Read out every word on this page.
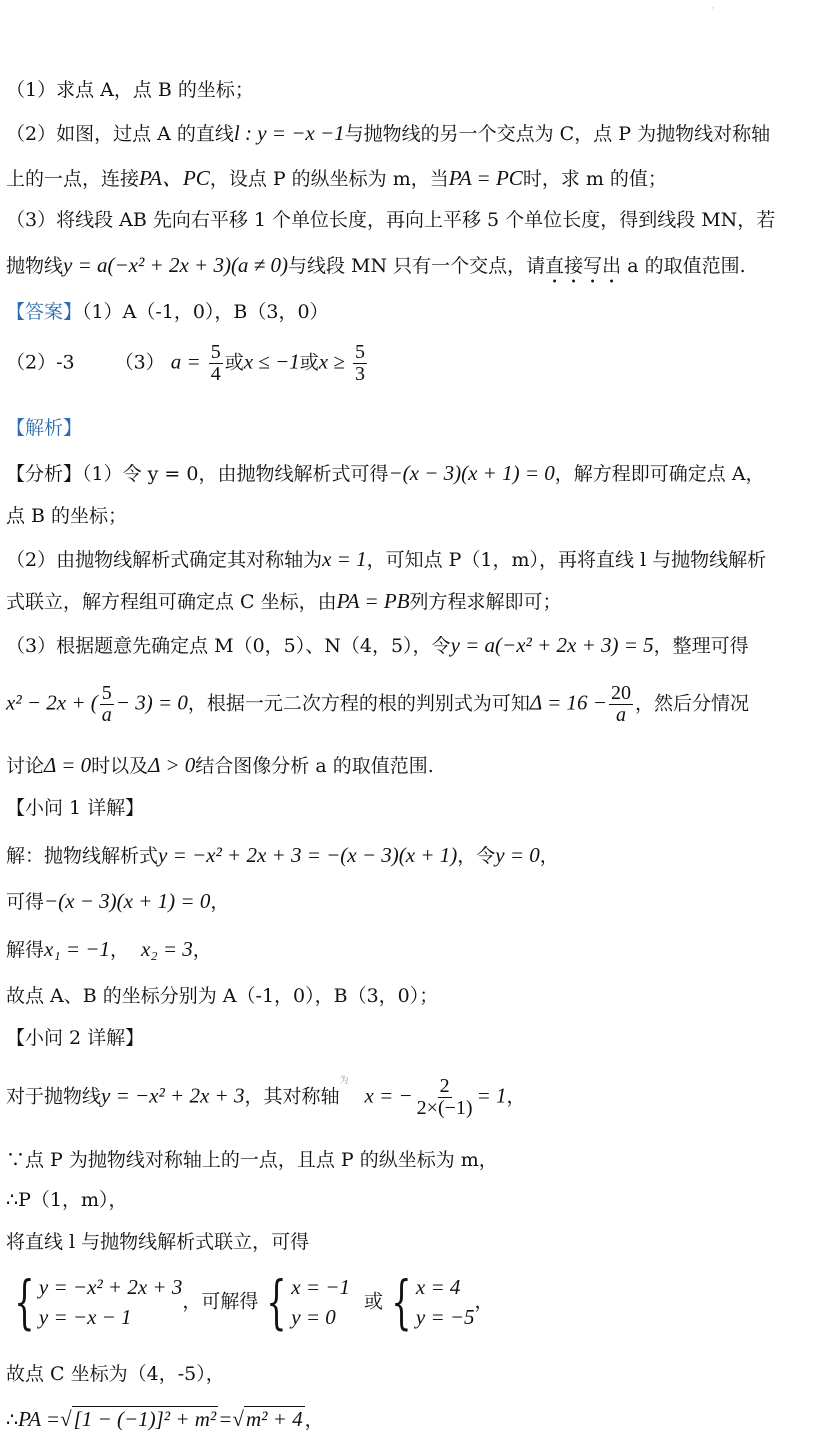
·
（1）求点 A，点 B 的坐标；
（2）如图，过点 A 的直线l : y = −x −1与抛物线的另一个交点为 C，点 P 为抛物线对称轴
上的一点，连接PA、PC，设点 P 的纵坐标为 m，当PA = PC时，求 m 的值；
（3）将线段 AB 先向右平移 1 个单位长度，再向上平移 5 个单位长度，得到线段 MN，若
抛物线y = a(−x² + 2x + 3)(a ≠ 0)与线段 MN 只有一个交点，请直接写出 a 的取值范围.
【答案】（1）A（-1，0），B（3，0）
（2）-3 （3） $a = \frac{5}{4}$ 或x ≤ −1或$x \ge \frac{5}{3}$
【解析】
【分析】（1）令 y = 0，由抛物线解析式可得−(x − 3)(x + 1) = 0，解方程即可确定点 A，
点 B 的坐标；
（2）由抛物线解析式确定其对称轴为x = 1，可知点 P（1，m），再将直线 l 与抛物线解析
式联立，解方程组可确定点 C 坐标，由PA = PB列方程求解即可；
（3）根据题意先确定点 M（0，5）、N（4，5），令y = a(−x² + 2x + 3) = 5，整理可得
x² − 2x + ( $\frac{5}{a} - 3) = 0$，根据一元二次方程的根的判别式为可知$\Delta = 16 - \frac{20}{a}$ ，然后分情况
讨论Δ = 0时以及Δ > 0结合图像分析 a 的取值范围.
【小问 1 详解】
解：抛物线解析式y = −x² + 2x + 3 = −(x − 3)(x + 1)，令y = 0，
可得−(x − 3)(x + 1) = 0，
解得x₁ = −1， x₂ = 3，
故点 A、B 的坐标分别为 A（-1，0），B（3，0）；
【小问 2 详解】
对于抛物线y = −x² + 2x + 3，其对称轴$^为$x = − $\frac{2}{2\times(-1)} = 1$，
∵点 P 为抛物线对称轴上的一点，且点 P 的纵坐标为 m，
∴P（1，m），
将直线 l 与抛物线解析式联立，可得
{ y = −x² + 2x + 3
y = −x − 1
，可解得 { x = −1
y = 0
或 { x = 4
y = −5
，
故点 C 坐标为（4，-5），
∴PA =√[1 − (−1)]² + m²=√m² + 4 ，
